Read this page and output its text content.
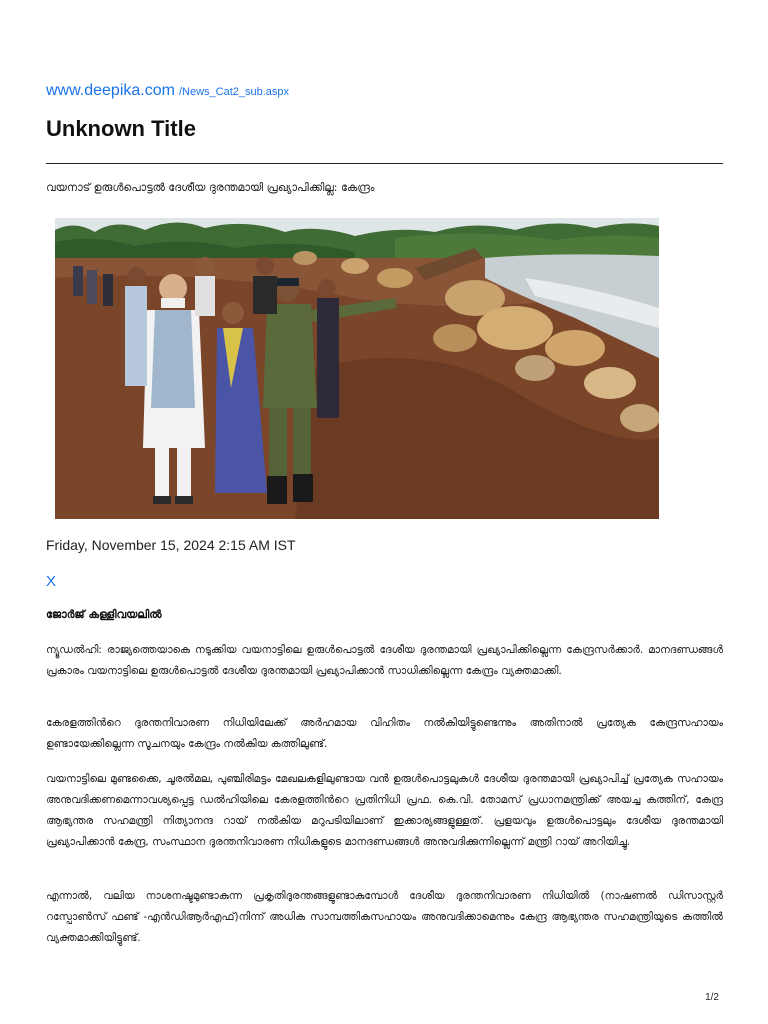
www.deepika.com /News_Cat2_sub.aspx
Unknown Title
വയനാട് ഉരുൾപൊട്ടൽ ദേശീയ ദുരന്തമായി പ്രഖ്യാപിക്കില്ല: കേന്ദ്രം
Friday, November 15, 2024 2:15 AM IST
X
ജോർജ് കള്ളിവയലിൽ

ന്യൂഡൽഹി: രാജ്യത്തെയാകെ നടുക്കിയ വയനാട്ടിലെ ഉരുൾപൊട്ടൽ ദേശീയ ദുരന്തമായി പ്രഖ്യാപിക്കില്ലെന്ന കേന്ദ്രസർക്കാർ. മാനദണ്ഡങ്ങൾ പ്രകാരം വയനാട്ടിലെ ഉരുൾപൊട്ടൽ ദേശീയ ദുരന്തമായി പ്രഖ്യാപിക്കാൻ സാധിക്കില്ലെന്ന കേന്ദ്രം വ്യക്തമാക്കി.

കേരളത്തിൻറെ ദുരന്തനിവാരണ നിധിയിലേക്ക് അർഹമായ വിഹിതം നൽകിയിട്ടുണ്ടെന്നും അതിനാൽ പ്രത്യേക കേന്ദ്രസഹായം ഉണ്ടായേക്കില്ലെന്ന സൂചനയും കേന്ദ്രം നൽകിയ കത്തിലുണ്ട്.

വയനാട്ടിലെ മുണ്ടക്കൈ, ചൂരൽമല, പുഞ്ചിരിമട്ടം മേഖലകളിലുണ്ടായ വൻ ഉരുൾപൊട്ടലുകൾ ദേശീയ ദുരന്തമായി പ്രഖ്യാപിച്ച് പ്രത്യേക സഹായം അനുവദിക്കണമെന്നാവശ്യപ്പെട്ട ഡൽഹിയിലെ കേരളത്തിൻറെ പ്രതിനിധി പ്രഫ. കെ.വി. തോമസ് പ്രധാനമന്ത്രിക്ക് അയച്ച കത്തിന്, കേന്ദ്ര ആഭ്യന്തര സഹമന്ത്രി നിത്യാനന്ദ റായ് നൽകിയ മറുപടിയിലാണ് ഇക്കാര്യങ്ങളുള്ളത്. പ്രളയവും ഉരുൾപൊട്ടലും ദേശീയ ദുരന്തമായി പ്രഖ്യാപിക്കാൻ കേന്ദ്ര, സംസ്ഥാന ദുരന്തനിവാരണ നിധികളുടെ മാനദണ്ഡങ്ങൾ അനുവദിക്കുന്നില്ലെന്ന് മന്ത്രി റായ് അറിയിച്ചു.

എന്നാൽ, വലിയ നാശനഷ്ടമുണ്ടാകുന്ന പ്രകൃതിദുരന്തങ്ങളുണ്ടാകുമ്പോൾ ദേശീയ ദുരന്തനിവാരണ നിധിയിൽ (നാഷണൽ ഡിസാസ്റ്റർ റസ്പോൺസ് ഫണ്ട് -എൻഡിആർഎഫ്)നിന്ന് അധിക സാമ്പത്തികസഹായം അനുവദിക്കാമെന്നും കേന്ദ്ര ആഭ്യന്തര സഹമന്ത്രിയുടെ കത്തിൽ വ്യക്തമാക്കിയിട്ടുണ്ട്.

1/2
